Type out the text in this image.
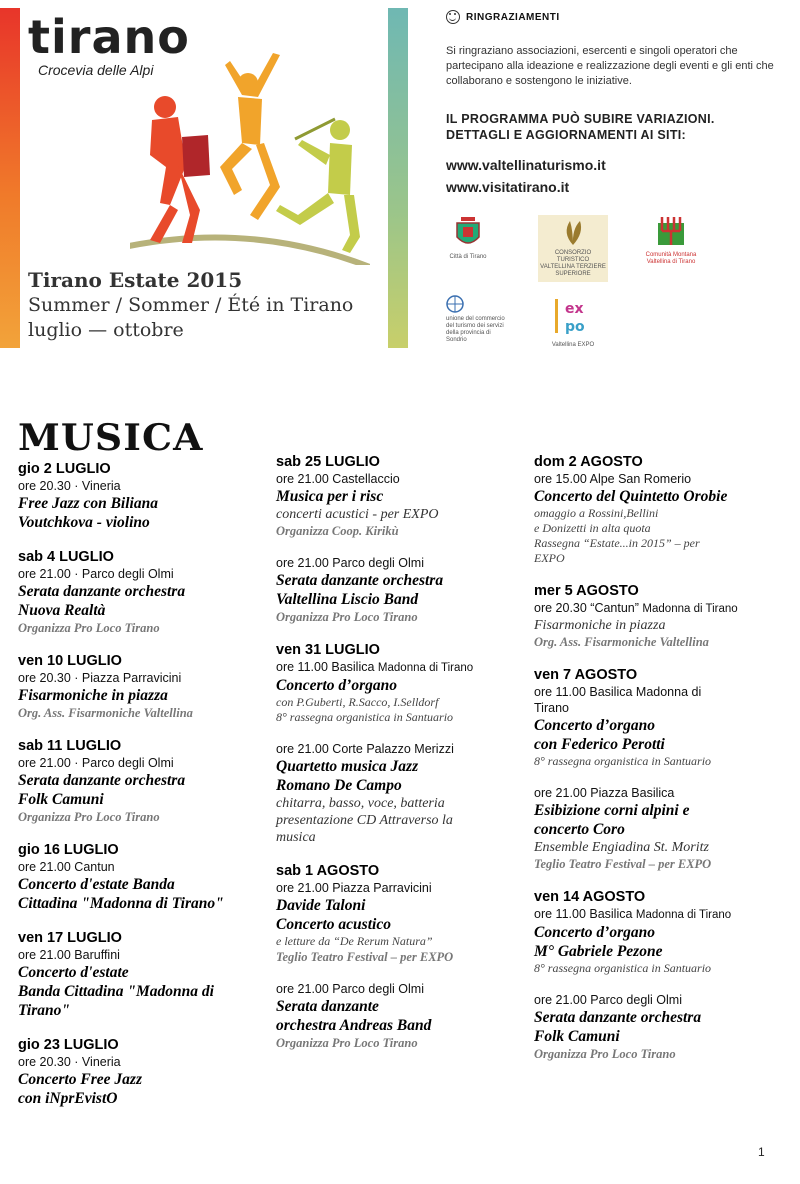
tirano
Crocevia delle Alpi
Tirano Estate 2015
Summer / Sommer / Été in Tirano
luglio — ottobre
RINGRAZIAMENTI
Si ringraziano associazioni, esercenti e singoli operatori che partecipano alla ideazione e realizzazione degli eventi e gli enti che collaborano e sostengono le iniziative.
IL PROGRAMMA PUÒ SUBIRE VARIAZIONI.
DETTAGLI E AGGIORNAMENTI AI SITI:
www.valtellinaturismo.it
www.visitatirano.it
Città di Tirano
CONSORZIO TURISTICO VALTELLINA TERZIERE SUPERIORE
Comunità Montana Valtellina di Tirano
unione del commercio del turismo dei servizi della provincia di Sondrio
ex
po
Valtellina EXPO
MUSICA
gio 2 LUGLIO
ore 20.30 · Vineria
Free Jazz con Biliana
Voutchkova - violino
sab 4 LUGLIO
ore 21.00 · Parco degli Olmi
Serata danzante orchestra
Nuova Realtà
Organizza Pro Loco Tirano
ven 10 LUGLIO
ore 20.30 · Piazza Parravicini
Fisarmoniche in piazza
Org. Ass. Fisarmoniche Valtellina
sab 11 LUGLIO
ore 21.00 · Parco degli Olmi
Serata danzante orchestra
Folk Camuni
Organizza Pro Loco Tirano
gio 16 LUGLIO
ore 21.00 Cantun
Concerto d'estate Banda
Cittadina "Madonna di Tirano"
ven 17 LUGLIO
ore 21.00 Baruffini
Concerto d'estate
Banda Cittadina "Madonna di
Tirano"
gio 23 LUGLIO
ore 20.30 · Vineria
Concerto Free Jazz
con iNprEvistO
sab 25 LUGLIO
ore 21.00 Castellaccio
Musica per i risc
concerti acustici - per EXPO
Organizza Coop. Kirikù
ore 21.00 Parco degli Olmi
Serata danzante orchestra
Valtellina Liscio Band
Organizza Pro Loco Tirano
ven 31 LUGLIO
ore 11.00 Basilica Madonna di Tirano
Concerto d’organo
con P.Guberti, R.Sacco, I.Selldorf
8° rassegna organistica in Santuario
ore 21.00 Corte Palazzo Merizzi
Quartetto musica Jazz
Romano De Campo
chitarra, basso, voce, batteria
presentazione CD Attraverso la
musica
sab 1 AGOSTO
ore 21.00 Piazza Parravicini
Davide Taloni
Concerto acustico
e letture da “De Rerum Natura”
Teglio Teatro Festival – per EXPO
ore 21.00 Parco degli Olmi
Serata danzante
orchestra Andreas Band
Organizza Pro Loco Tirano
dom 2 AGOSTO
ore 15.00 Alpe San Romerio
Concerto del Quintetto Orobie
omaggio a Rossini,Bellini
e Donizetti in alta quota
Rassegna “Estate...in 2015” – per
EXPO
mer 5 AGOSTO
ore 20.30 “Cantun” Madonna di Tirano
Fisarmoniche in piazza
Org. Ass. Fisarmoniche Valtellina
ven 7 AGOSTO
ore 11.00 Basilica Madonna di
Tirano
Concerto d’organo
con Federico Perotti
8° rassegna organistica in Santuario
ore 21.00 Piazza Basilica
Esibizione corni alpini e
concerto Coro
Ensemble Engiadina St. Moritz
Teglio Teatro Festival – per EXPO
ven 14 AGOSTO
ore 11.00 Basilica Madonna di Tirano
Concerto d’organo
M° Gabriele Pezone
8° rassegna organistica in Santuario
ore 21.00 Parco degli Olmi
Serata danzante orchestra
Folk Camuni
Organizza Pro Loco Tirano
1
